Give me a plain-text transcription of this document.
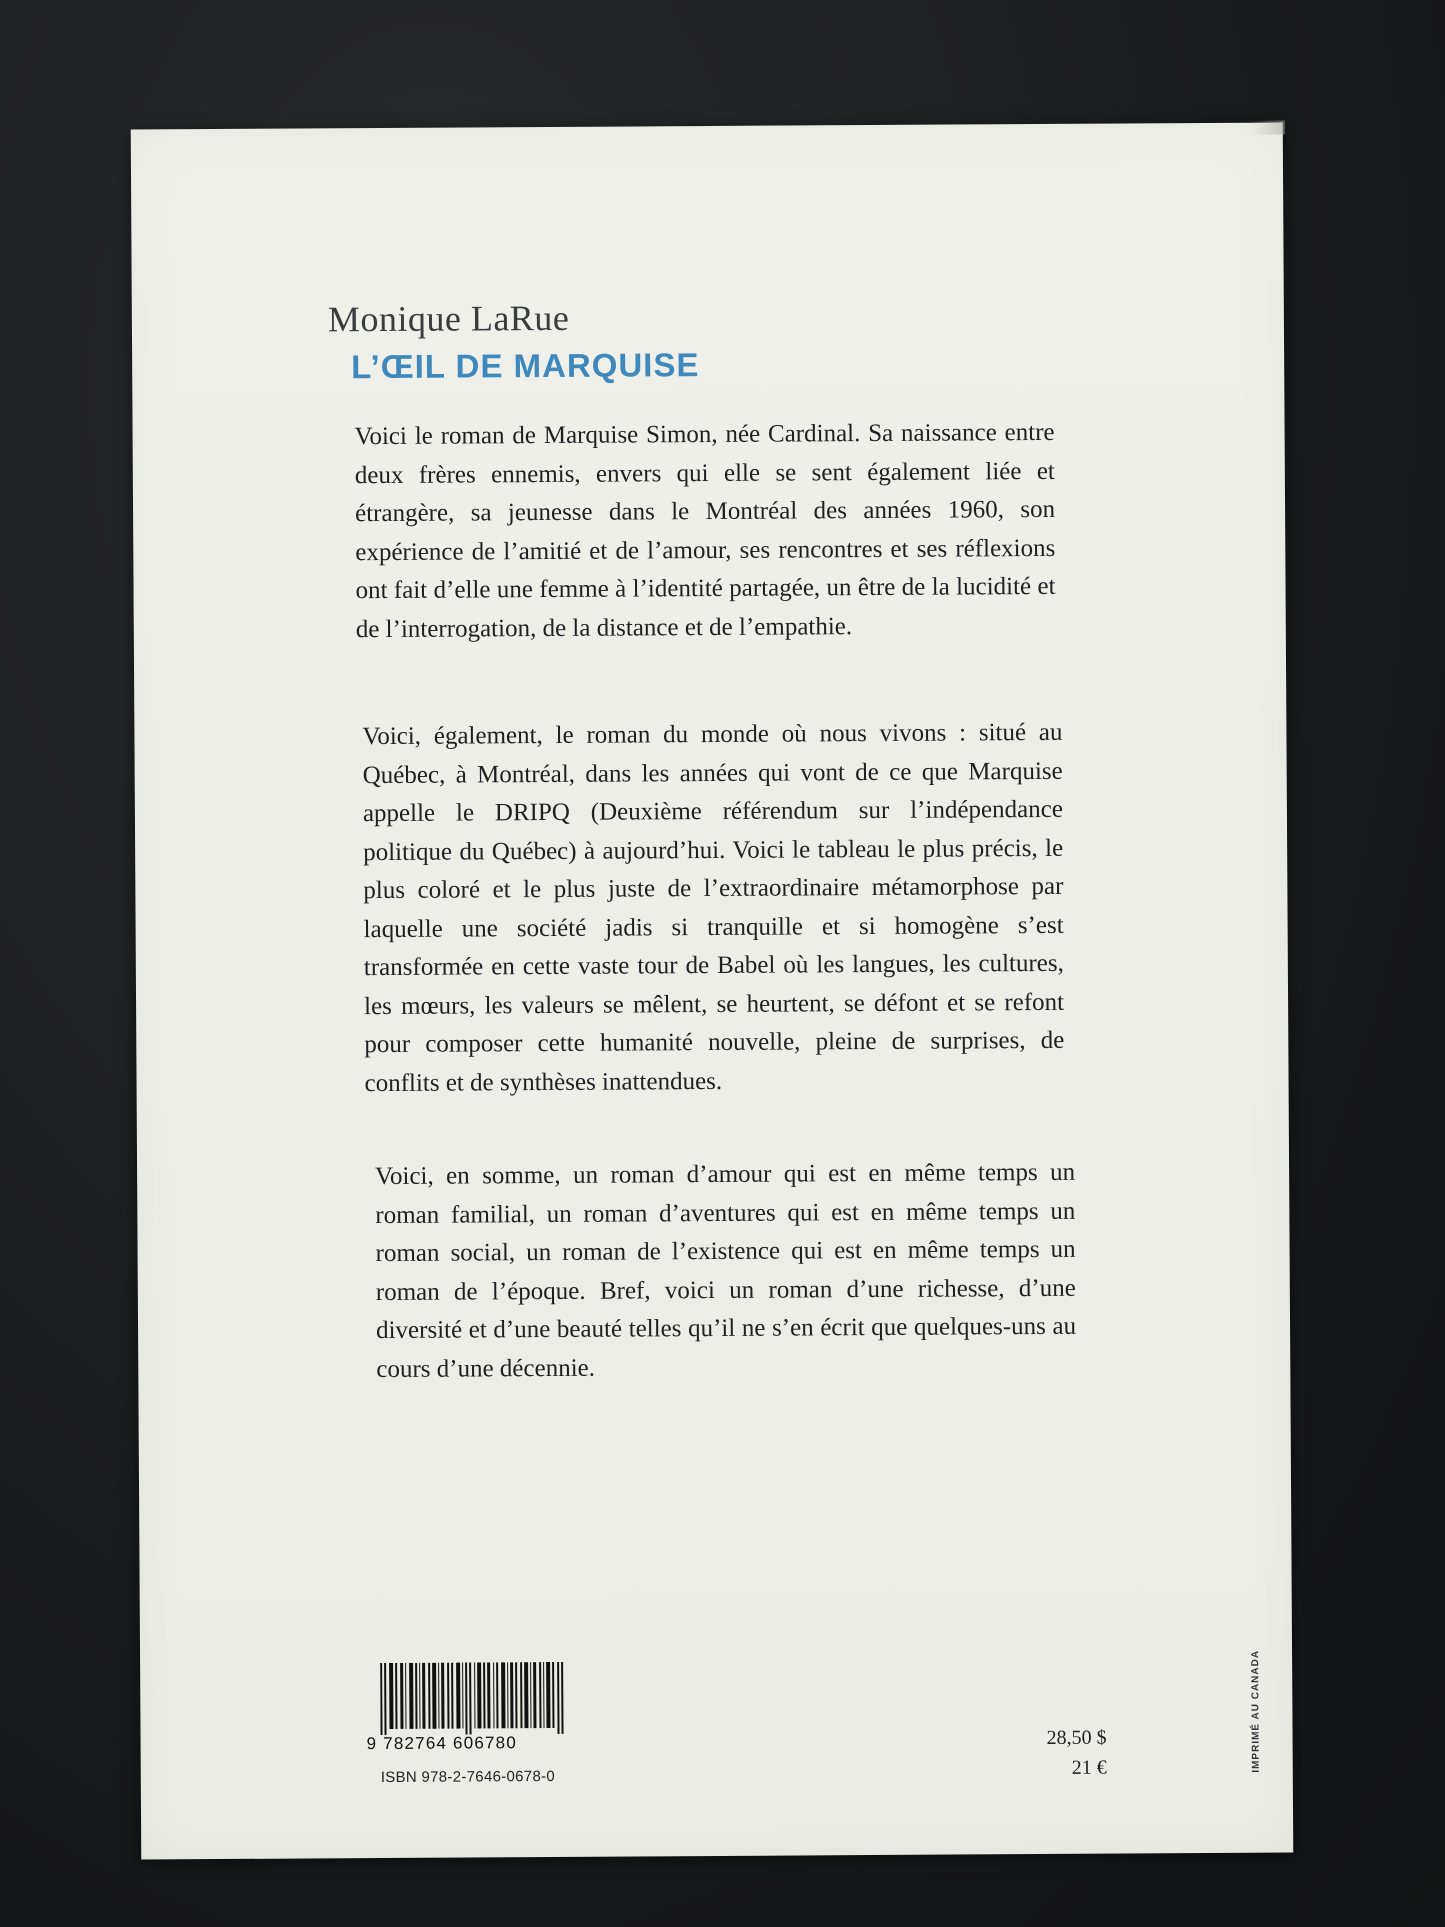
Monique LaRue
L’ŒIL DE MARQUISE
Voici le roman de Marquise Simon, née Cardinal. Sa naissance entre deux frères ennemis, envers qui elle se sent également liée et étrangère, sa jeunesse dans le Montréal des années 1960, son expérience de l’amitié et de l’amour, ses rencontres et ses réflexions ont fait d’elle une femme à l’identité partagée, un être de la lucidité et de l’interrogation, de la distance et de l’empathie.
Voici, également, le roman du monde où nous vivons : situé au Québec, à Montréal, dans les années qui vont de ce que Marquise appelle le DRIPQ (Deuxième référendum sur l’indépendance politique du Québec) à aujourd’hui. Voici le tableau le plus précis, le plus coloré et le plus juste de l’extraordinaire métamorphose par laquelle une société jadis si tranquille et si homogène s’est transformée en cette vaste tour de Babel où les langues, les cultures, les mœurs, les valeurs se mêlent, se heurtent, se défont et se refont pour composer cette humanité nouvelle, pleine de surprises, de conflits et de synthèses inattendues.
Voici, en somme, un roman d’amour qui est en même temps un roman familial, un roman d’aventures qui est en même temps un roman social, un roman de l’existence qui est en même temps un roman de l’époque. Bref, voici un roman d’une richesse, d’une diversité et d’une beauté telles qu’il ne s’en écrit que quelques-uns au cours d’une décennie.
9 782764 606780
ISBN 978-2-7646-0678-0
28,50 $
21 €	IMPRIMÉ AU CANADA
